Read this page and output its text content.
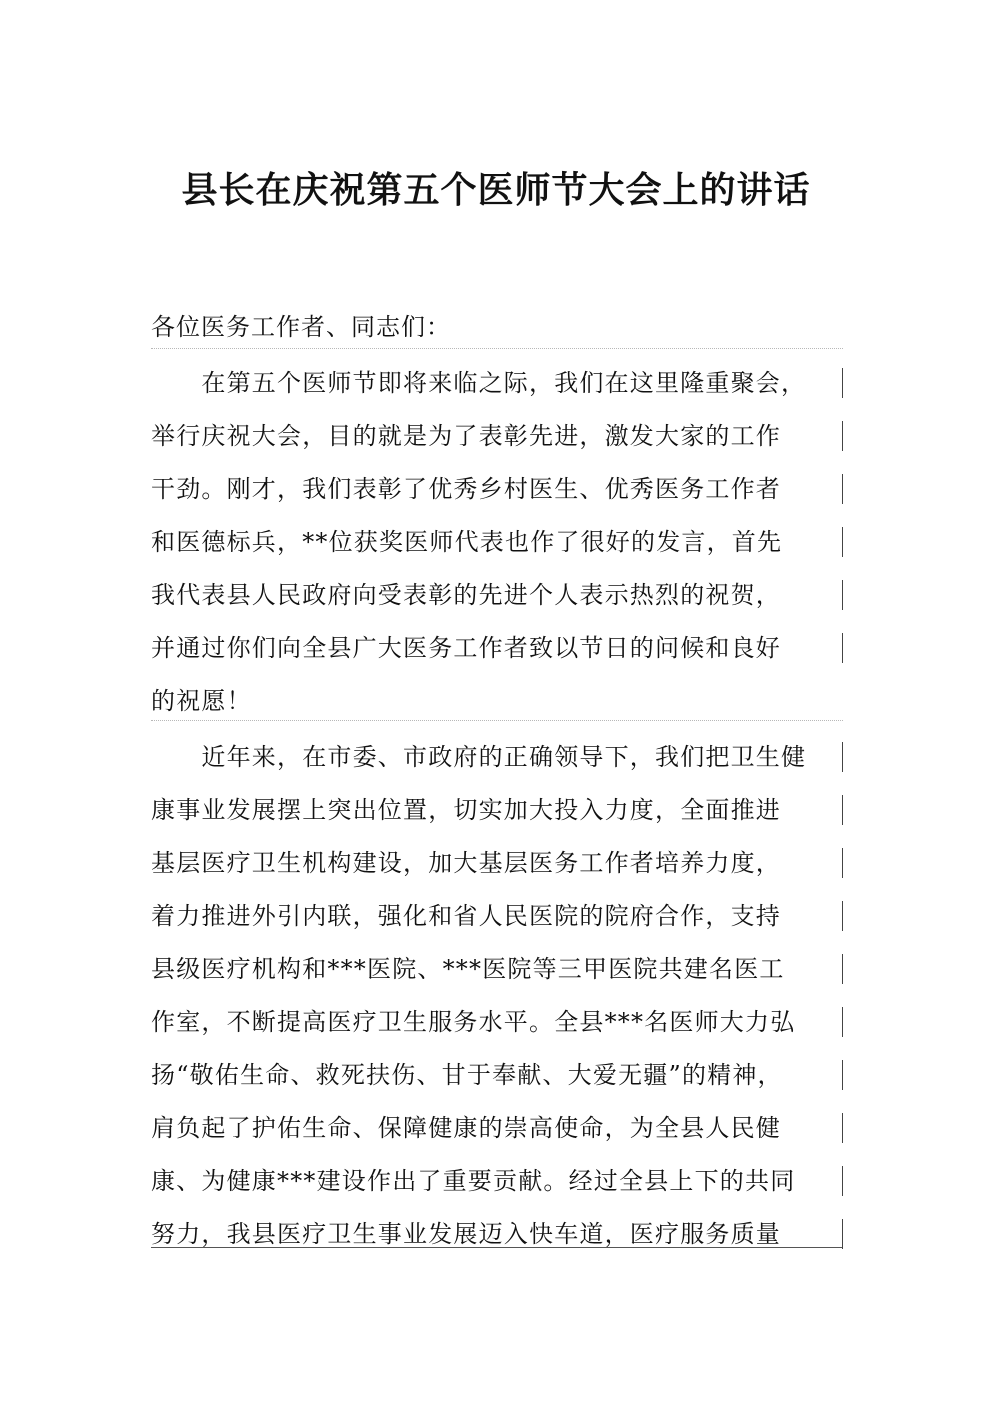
县长在庆祝第五个医师节大会上的讲话
各位医务工作者、同志们：
　　在第五个医师节即将来临之际，我们在这里隆重聚会，
举行庆祝大会，目的就是为了表彰先进，激发大家的工作
干劲。刚才，我们表彰了优秀乡村医生、优秀医务工作者
和医德标兵，**位获奖医师代表也作了很好的发言，首先
我代表县人民政府向受表彰的先进个人表示热烈的祝贺，
并通过你们向全县广大医务工作者致以节日的问候和良好
的祝愿！
　　近年来，在市委、市政府的正确领导下，我们把卫生健
康事业发展摆上突出位置，切实加大投入力度，全面推进
基层医疗卫生机构建设，加大基层医务工作者培养力度，
着力推进外引内联，强化和省人民医院的院府合作，支持
县级医疗机构和***医院、***医院等三甲医院共建名医工
作室，不断提高医疗卫生服务水平。全县***名医师大力弘
扬“敬佑生命、救死扶伤、甘于奉献、大爱无疆”的精神，
肩负起了护佑生命、保障健康的崇高使命，为全县人民健
康、为健康***建设作出了重要贡献。经过全县上下的共同
努力，我县医疗卫生事业发展迈入快车道，医疗服务质量
